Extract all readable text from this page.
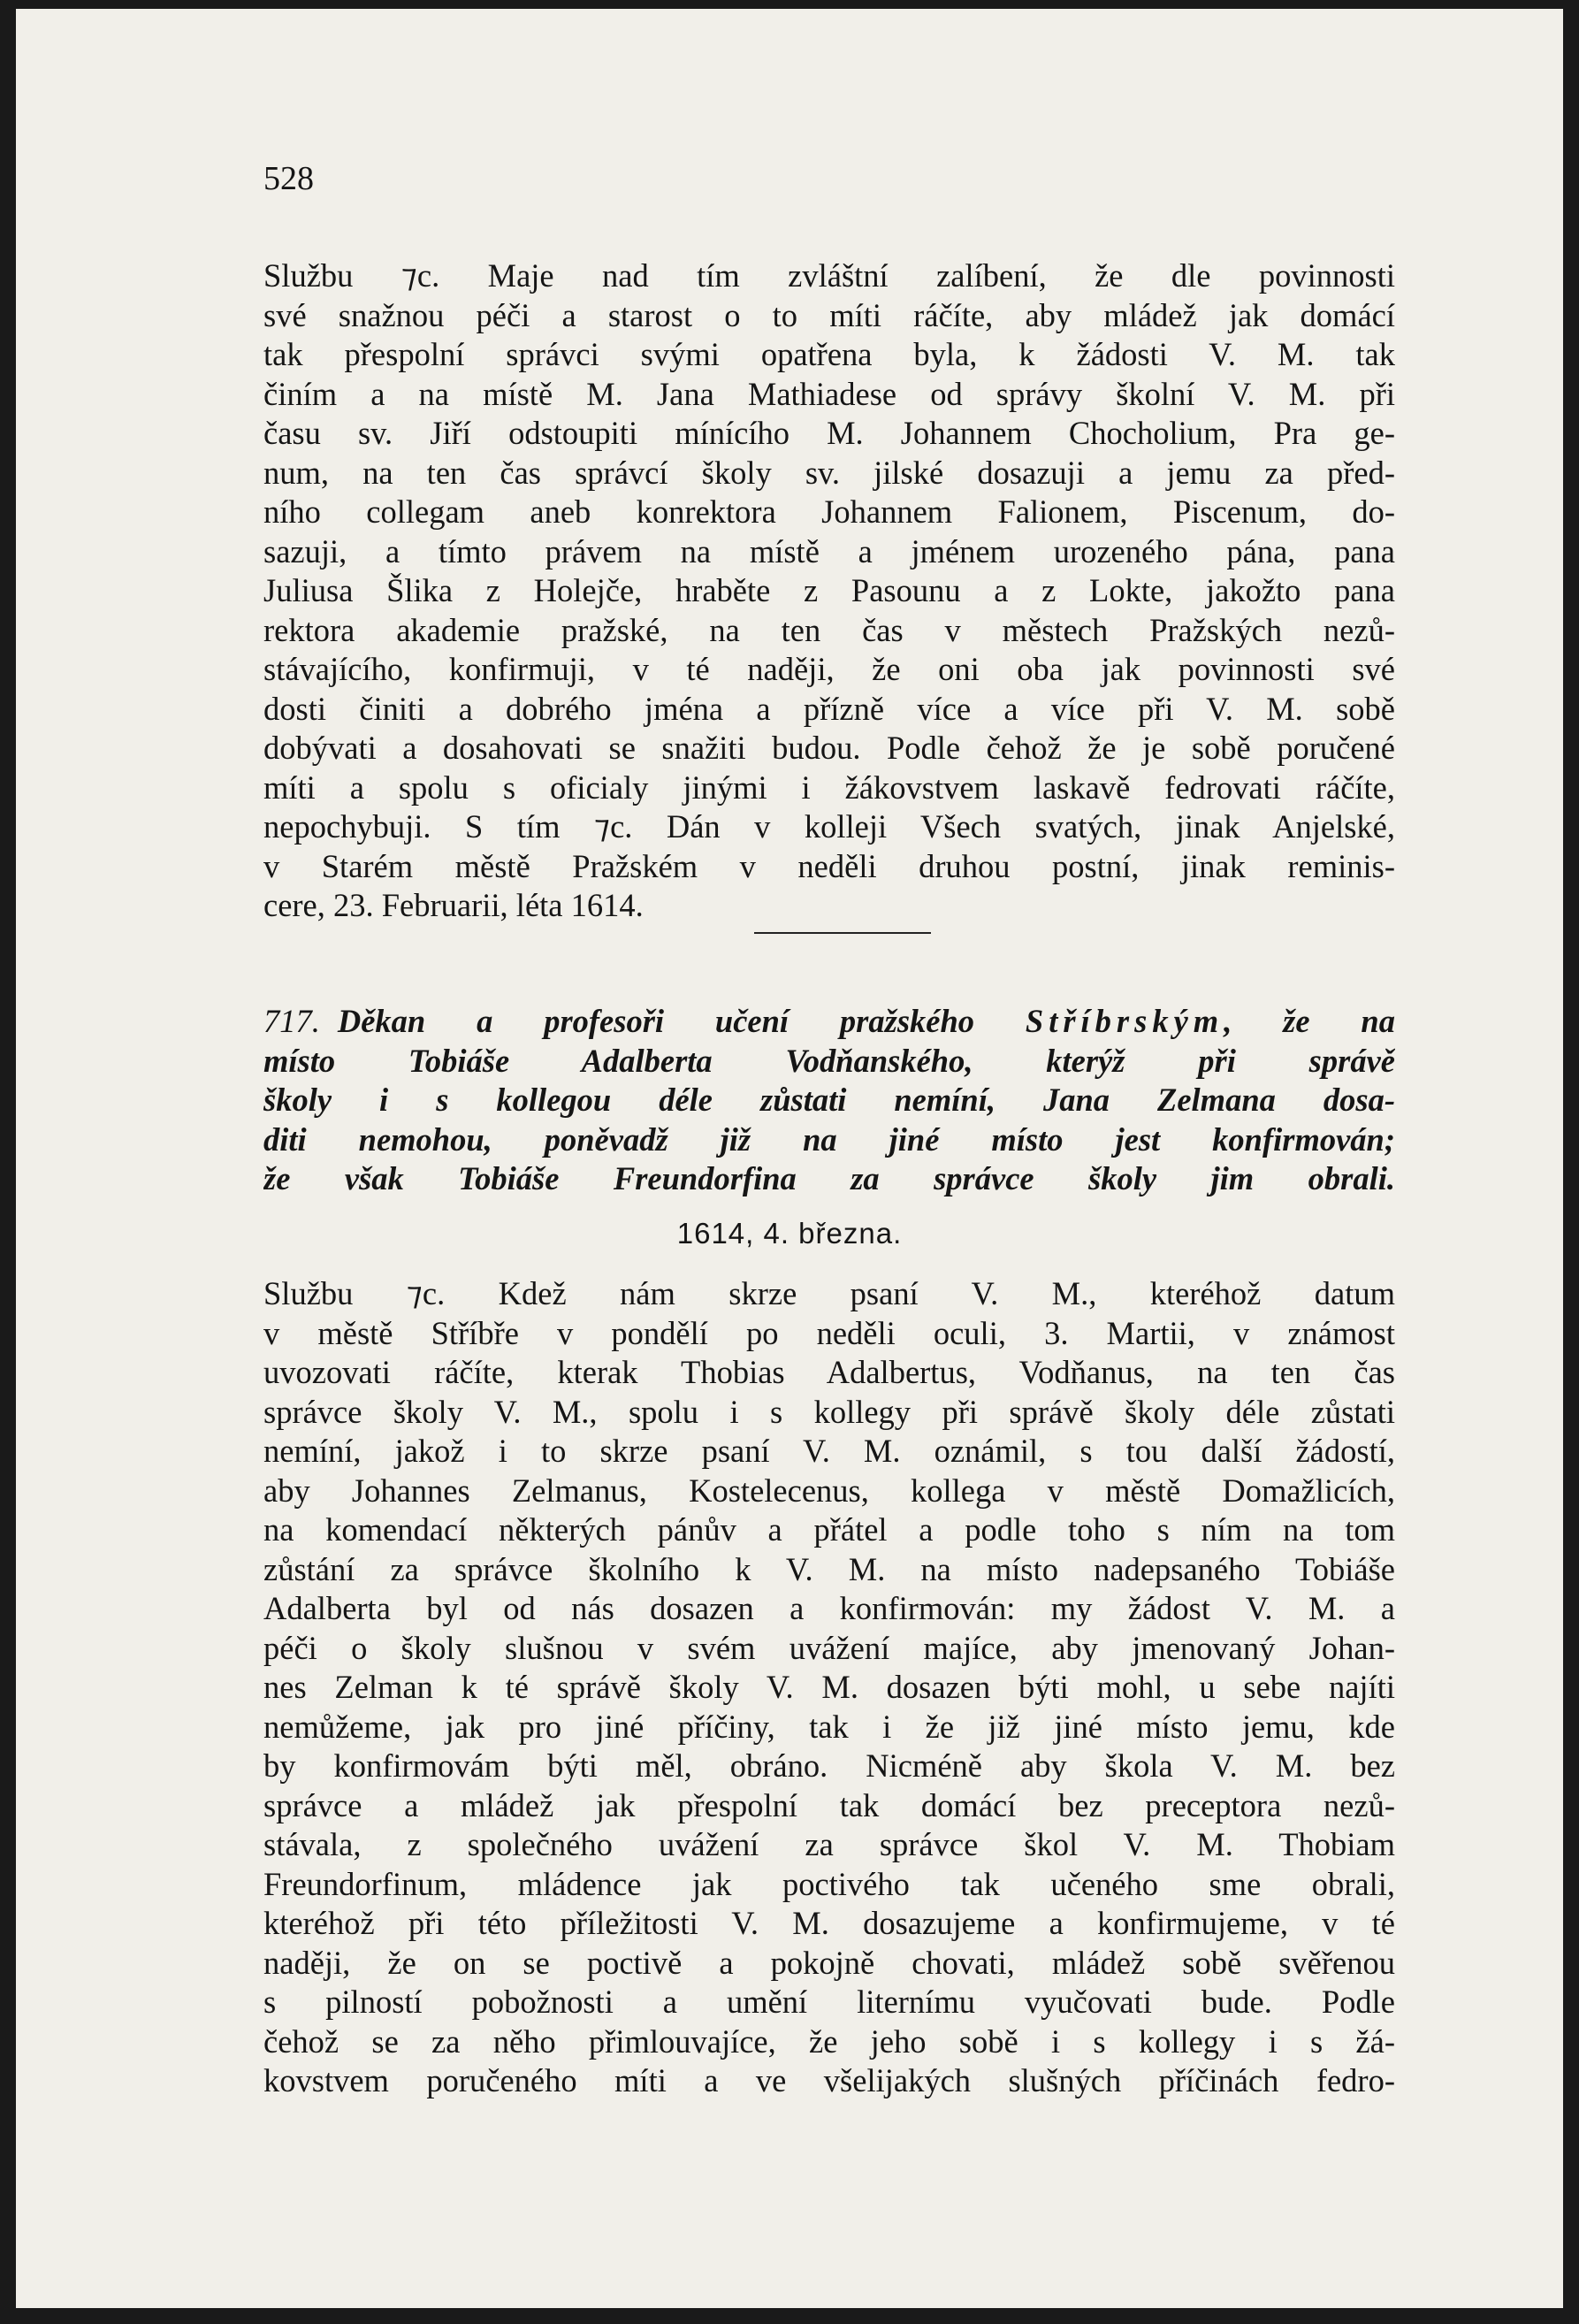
528
Službu ⁊c. Maje nad tím zvláštní zalíbení, že dle povinnosti
své snažnou péči a starost o to míti ráčíte, aby mládež jak domácí
tak přespolní správci svými opatřena byla, k žádosti V. M. tak
činím a na místě M. Jana Mathiadese od správy školní V. M. při
času sv. Jiří odstoupiti mínícího M. Johannem Chocholium, Pra ge-
num, na ten čas správcí školy sv. jilské dosazuji a jemu za před-
ního collegam aneb konrektora Johannem Falionem, Piscenum, do-
sazuji, a tímto právem na místě a jménem urozeného pána, pana
Juliusa Šlika z Holejče, hraběte z Pasounu a z Lokte, jakožto pana
rektora akademie pražské, na ten čas v městech Pražských nezů-
stávajícího, konfirmuji, v té naději, že oni oba jak povinnosti své
dosti činiti a dobrého jména a přízně více a více při V. M. sobě
dobývati a dosahovati se snažiti budou. Podle čehož že je sobě poručené
míti a spolu s oficialy jinými i žákovstvem laskavě fedrovati ráčíte,
nepochybuji. S tím ⁊c. Dán v kolleji Všech svatých, jinak Anjelské,
v Starém městě Pražském v neděli druhou postní, jinak reminis-
cere, 23. Februarii, léta 1614.
717. Děkan a profesoři učení pražského Stříbrským, že na
místo Tobiáše Adalberta Vodňanského, kterýž při správě
školy i s kollegou déle zůstati nemíní, Jana Zelmana dosa-
diti nemohou, poněvadž již na jiné místo jest konfirmován;
že však Tobiáše Freundorfina za správce školy jim obrali.
1614, 4. března.
Službu ⁊c. Kdež nám skrze psaní V. M., kteréhož datum
v městě Stříbře v pondělí po neděli oculi, 3. Martii, v známost
uvozovati ráčíte, kterak Thobias Adalbertus, Vodňanus, na ten čas
správce školy V. M., spolu i s kollegy při správě školy déle zůstati
nemíní, jakož i to skrze psaní V. M. oznámil, s tou další žádostí,
aby Johannes Zelmanus, Kostelecenus, kollega v městě Domažlicích,
na komendací některých pánův a přátel a podle toho s ním na tom
zůstání za správce školního k V. M. na místo nadepsaného Tobiáše
Adalberta byl od nás dosazen a konfirmován: my žádost V. M. a
péči o školy slušnou v svém uvážení majíce, aby jmenovaný Johan-
nes Zelman k té správě školy V. M. dosazen býti mohl, u sebe najíti
nemůžeme, jak pro jiné příčiny, tak i že již jiné místo jemu, kde
by konfirmovám býti měl, obráno. Nicméně aby škola V. M. bez
správce a mládež jak přespolní tak domácí bez preceptora nezů-
stávala, z společného uvážení za správce škol V. M. Thobiam
Freundorfinum, mládence jak poctivého tak učeného sme obrali,
kteréhož při této příležitosti V. M. dosazujeme a konfirmujeme, v té
naději, že on se poctivě a pokojně chovati, mládež sobě svěřenou
s pilností pobožnosti a umění liternímu vyučovati bude. Podle
čehož se za něho přimlouvajíce, že jeho sobě i s kollegy i s žá-
kovstvem poručeného míti a ve všelijakých slušných příčinách fedro-
